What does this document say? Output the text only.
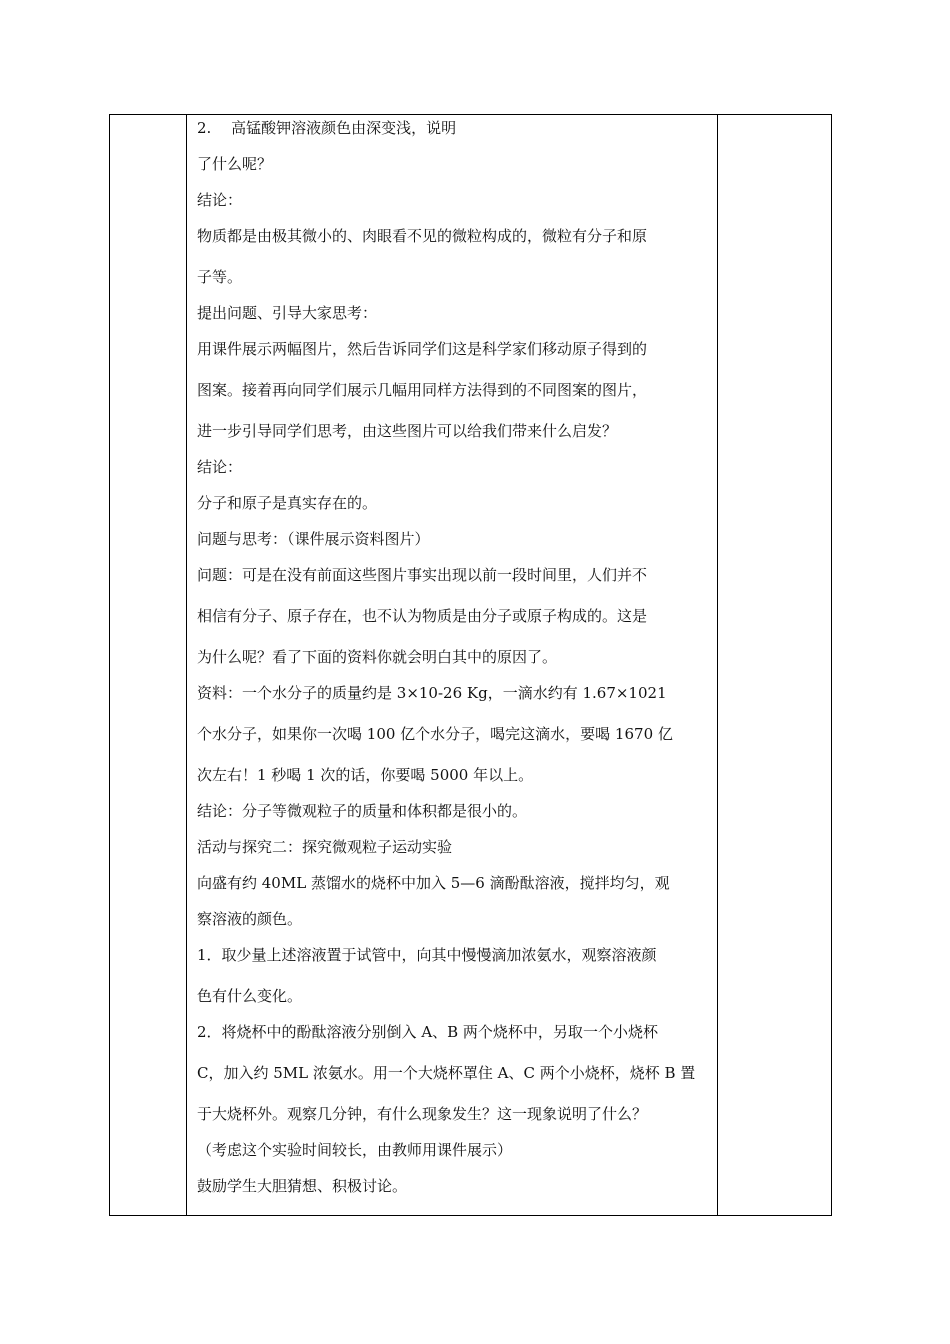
2.　 高锰酸钾溶液颜色由深变浅，说明
了什么呢？
结论：
物质都是由极其微小的、肉眼看不见的微粒构成的，微粒有分子和原
子等。
提出问题、引导大家思考：
用课件展示两幅图片，然后告诉同学们这是科学家们移动原子得到的
图案。接着再向同学们展示几幅用同样方法得到的不同图案的图片，
进一步引导同学们思考，由这些图片可以给我们带来什么启发？
结论：
分子和原子是真实存在的。
问题与思考：（课件展示资料图片）
问题：可是在没有前面这些图片事实出现以前一段时间里，人们并不
相信有分子、原子存在，也不认为物质是由分子或原子构成的。这是
为什么呢？看了下面的资料你就会明白其中的原因了。
资料：一个水分子的质量约是 3×10-26 Kg，一滴水约有 1.67×1021
个水分子，如果你一次喝 100 亿个水分子，喝完这滴水，要喝 1670 亿
次左右！1 秒喝 1 次的话，你要喝 5000 年以上。
结论：分子等微观粒子的质量和体积都是很小的。
活动与探究二：探究微观粒子运动实验
向盛有约 40ML 蒸馏水的烧杯中加入 5—6 滴酚酞溶液，搅拌均匀，观
察溶液的颜色。
1．取少量上述溶液置于试管中，向其中慢慢滴加浓氨水，观察溶液颜
色有什么变化。
2．将烧杯中的酚酞溶液分别倒入 A、B 两个烧杯中，另取一个小烧杯
C，加入约 5ML 浓氨水。用一个大烧杯罩住 A、C 两个小烧杯，烧杯 B 置
于大烧杯外。观察几分钟，有什么现象发生？这一现象说明了什么？
（考虑这个实验时间较长，由教师用课件展示）
鼓励学生大胆猜想、积极讨论。
